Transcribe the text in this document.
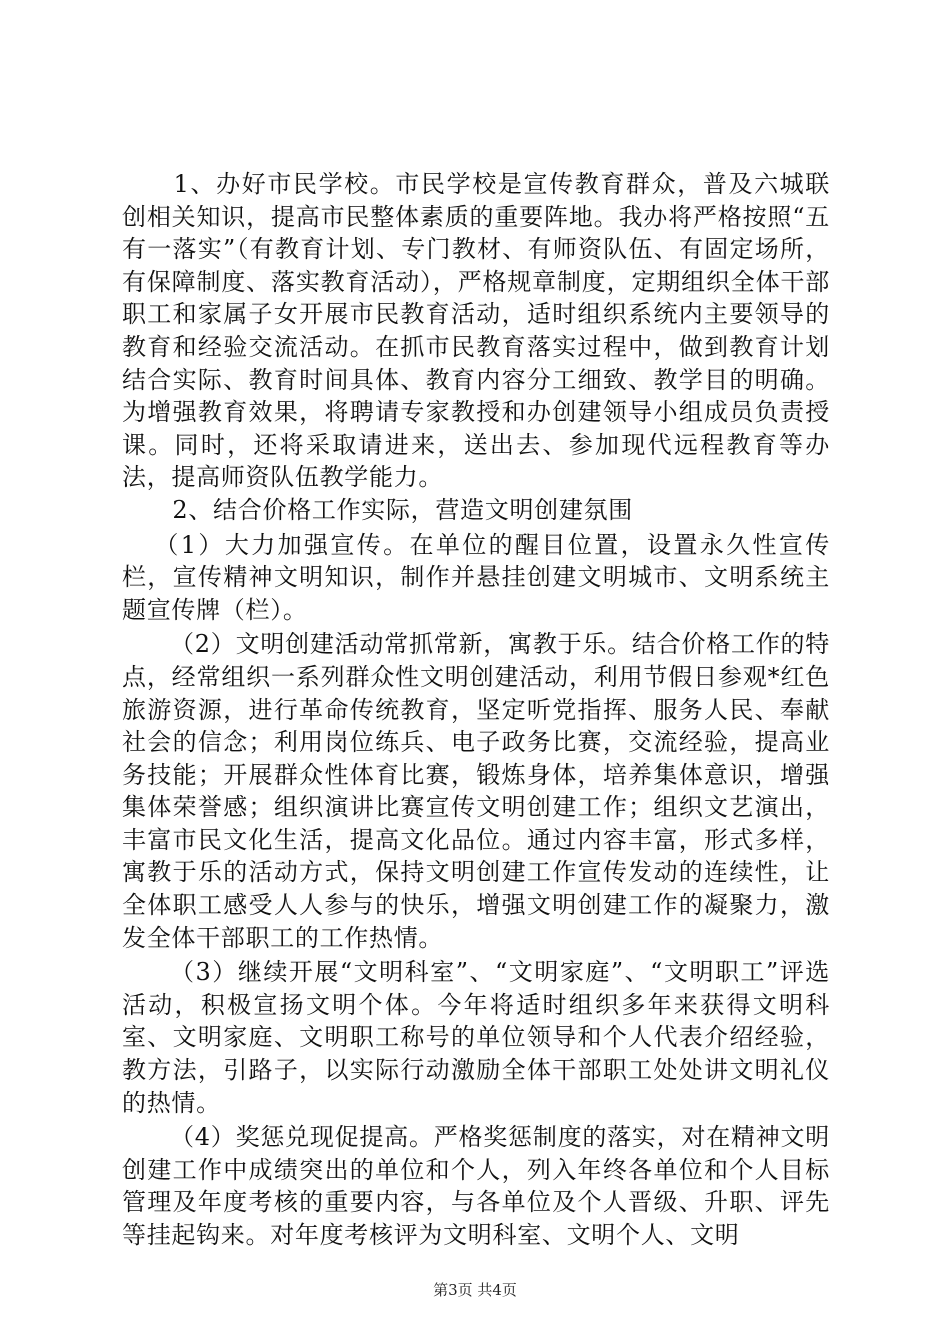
1、办好市民学校。市民学校是宣传教育群众，普及六城联创相关知识，提高市民整体素质的重要阵地。我办将严格按照“五有一落实”（有教育计划、专门教材、有师资队伍、有固定场所，有保障制度、落实教育活动），严格规章制度，定期组织全体干部职工和家属子女开展市民教育活动，适时组织系统内主要领导的教育和经验交流活动。在抓市民教育落实过程中，做到教育计划结合实际、教育时间具体、教育内容分工细致、教学目的明确。为增强教育效果，将聘请专家教授和办创建领导小组成员负责授课。同时，还将采取请进来，送出去、参加现代远程教育等办法，提高师资队伍教学能力。

2、结合价格工作实际，营造文明创建氛围

（1）大力加强宣传。在单位的醒目位置，设置永久性宣传栏，宣传精神文明知识，制作并悬挂创建文明城市、文明系统主题宣传牌（栏）。

（2）文明创建活动常抓常新，寓教于乐。结合价格工作的特点，经常组织一系列群众性文明创建活动，利用节假日参观*红色旅游资源，进行革命传统教育，坚定听党指挥、服务人民、奉献社会的信念；利用岗位练兵、电子政务比赛，交流经验，提高业务技能；开展群众性体育比赛，锻炼身体，培养集体意识，增强集体荣誉感；组织演讲比赛宣传文明创建工作；组织文艺演出，丰富市民文化生活，提高文化品位。通过内容丰富，形式多样，寓教于乐的活动方式，保持文明创建工作宣传发动的连续性，让全体职工感受人人参与的快乐，增强文明创建工作的凝聚力，激发全体干部职工的工作热情。

（3）继续开展“文明科室”、“文明家庭”、“文明职工”评选活动，积极宣扬文明个体。今年将适时组织多年来获得文明科室、文明家庭、文明职工称号的单位领导和个人代表介绍经验，教方法，引路子，以实际行动激励全体干部职工处处讲文明礼仪的热情。

（4）奖惩兑现促提高。严格奖惩制度的落实，对在精神文明创建工作中成绩突出的单位和个人，列入年终各单位和个人目标管理及年度考核的重要内容，与各单位及个人晋级、升职、评先等挂起钩来。对年度考核评为文明科室、文明个人、文明

第3页 共4页
